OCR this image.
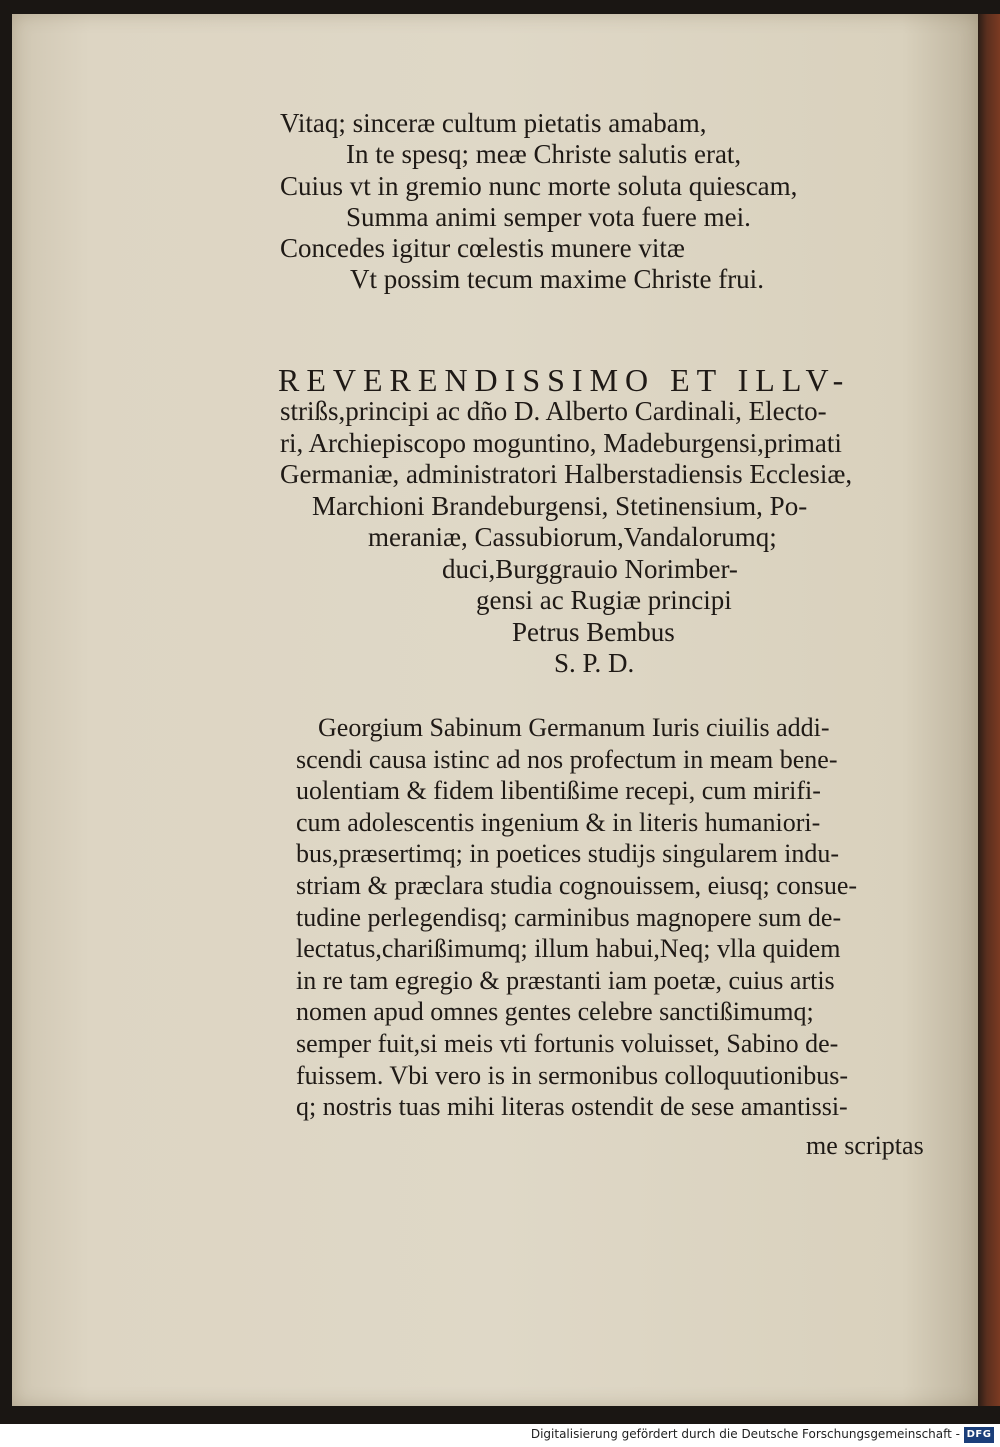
Vitaq; sinceræ cultum pietatis amabam,
In te spesq; meæ Christe salutis erat,
Cuius vt in gremio nunc morte soluta quiescam,
Summa animi semper vota fuere mei.
Concedes igitur cœlestis munere vitæ
Vt possim tecum maxime Christe frui.
REVERENDISSIMO ET ILLV-
strißs,principi ac dño D. Alberto Cardinali, Electo-
ri, Archiepiscopo moguntino, Madeburgensi,primati
Germaniæ, administratori Halberstadiensis Ecclesiæ,
Marchioni Brandeburgensi, Stetinensium, Po-
meraniæ, Cassubiorum,Vandalorumq;
duci,Burggrauio Norimber-
gensi ac Rugiæ principi
Petrus Bembus
S. P. D.
Georgium Sabinum Germanum Iuris ciuilis addi-
scendi causa istinc ad nos profectum in meam bene-
uolentiam & fidem libentißime recepi, cum mirifi-
cum adolescentis ingenium & in literis humaniori-
bus,præsertimq; in poetices studijs singularem indu-
striam & præclara studia cognouissem, eiusq; consue-
tudine perlegendisq; carminibus magnopere sum de-
lectatus,charißimumq; illum habui,Neq; vlla quidem
in re tam egregio & præstanti iam poetæ, cuius artis
nomen apud omnes gentes celebre sanctißimumq;
semper fuit,si meis vti fortunis voluisset, Sabino de-
fuissem. Vbi vero is in sermonibus colloquutionibus-
q; nostris tuas mihi literas ostendit de sese amantissi-
me scriptas
Digitalisierung gefördert durch die Deutsche Forschungsgemeinschaft - DFG
